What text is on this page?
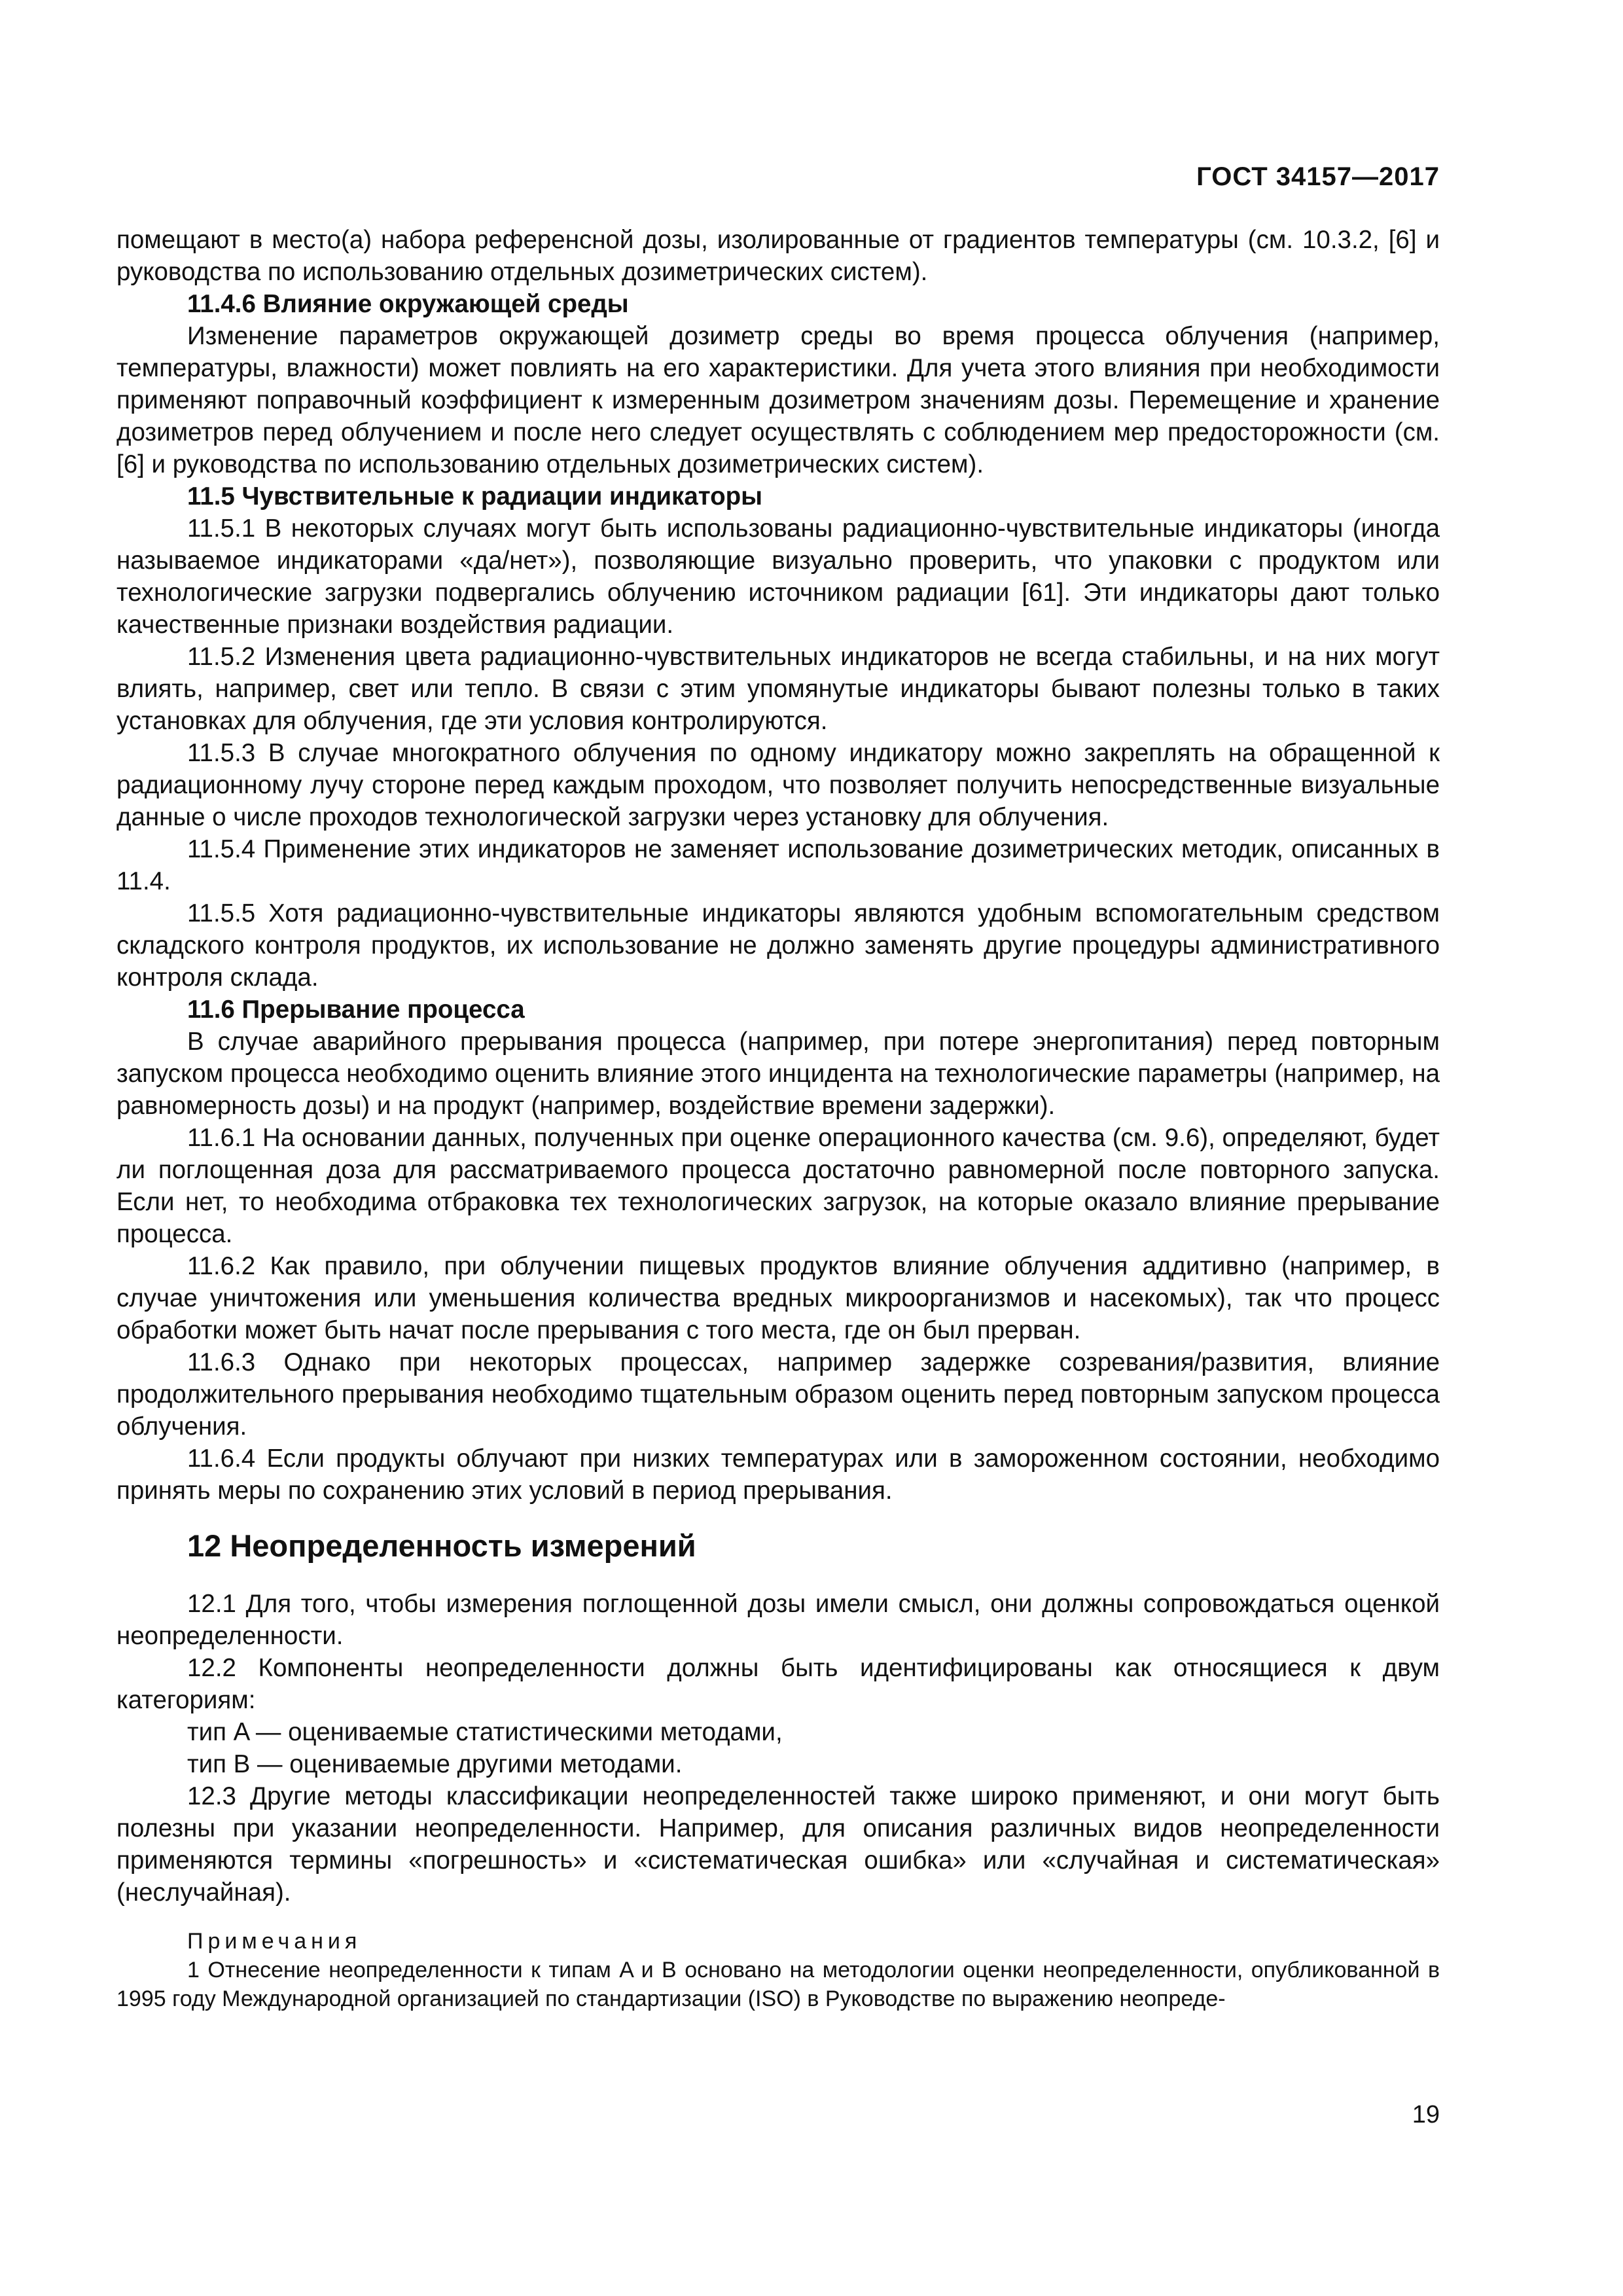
ГОСТ 34157—2017

помещают в место(а) набора референсной дозы, изолированные от градиентов температуры (см. 10.3.2, [6] и руководства по использованию отдельных дозиметрических систем).

11.4.6 Влияние окружающей среды

Изменение параметров окружающей дозиметр среды во время процесса облучения (например, температуры, влажности) может повлиять на его характеристики. Для учета этого влияния при необходимости применяют поправочный коэффициент к измеренным дозиметром значениям дозы. Перемещение и хранение дозиметров перед облучением и после него следует осуществлять с соблюдением мер предосторожности (см. [6] и руководства по использованию отдельных дозиметрических систем).

11.5 Чувствительные к радиации индикаторы

11.5.1 В некоторых случаях могут быть использованы радиационно-чувствительные индикаторы (иногда называемое индикаторами «да/нет»), позволяющие визуально проверить, что упаковки с продуктом или технологические загрузки подвергались облучению источником радиации [61]. Эти индикаторы дают только качественные признаки воздействия радиации.

11.5.2 Изменения цвета радиационно-чувствительных индикаторов не всегда стабильны, и на них могут влиять, например, свет или тепло. В связи с этим упомянутые индикаторы бывают полезны только в таких установках для облучения, где эти условия контролируются.

11.5.3 В случае многократного облучения по одному индикатору можно закреплять на обращенной к радиационному лучу стороне перед каждым проходом, что позволяет получить непосредственные визуальные данные о числе проходов технологической загрузки через установку для облучения.

11.5.4 Применение этих индикаторов не заменяет использование дозиметрических методик, описанных в 11.4.

11.5.5 Хотя радиационно-чувствительные индикаторы являются удобным вспомогательным средством складского контроля продуктов, их использование не должно заменять другие процедуры административного контроля склада.

11.6 Прерывание процесса

В случае аварийного прерывания процесса (например, при потере энергопитания) перед повторным запуском процесса необходимо оценить влияние этого инцидента на технологические параметры (например, на равномерность дозы) и на продукт (например, воздействие времени задержки).

11.6.1 На основании данных, полученных при оценке операционного качества (см. 9.6), определяют, будет ли поглощенная доза для рассматриваемого процесса достаточно равномерной после повторного запуска. Если нет, то необходима отбраковка тех технологических загрузок, на которые оказало влияние прерывание процесса.

11.6.2 Как правило, при облучении пищевых продуктов влияние облучения аддитивно (например, в случае уничтожения или уменьшения количества вредных микроорганизмов и насекомых), так что процесс обработки может быть начат после прерывания с того места, где он был прерван.

11.6.3 Однако при некоторых процессах, например задержке созревания/развития, влияние продолжительного прерывания необходимо тщательным образом оценить перед повторным запуском процесса облучения.

11.6.4 Если продукты облучают при низких температурах или в замороженном состоянии, необходимо принять меры по сохранению этих условий в период прерывания.

12 Неопределенность измерений

12.1 Для того, чтобы измерения поглощенной дозы имели смысл, они должны сопровождаться оценкой неопределенности.

12.2 Компоненты неопределенности должны быть идентифицированы как относящиеся к двум категориям:

тип A — оцениваемые статистическими методами,

тип B — оцениваемые другими методами.

12.3 Другие методы классификации неопределенностей также широко применяют, и они могут быть полезны при указании неопределенности. Например, для описания различных видов неопределенности применяются термины «погрешность» и «систематическая ошибка» или «случайная и систематическая» (неслучайная).

Примечания

1 Отнесение неопределенности к типам A и B основано на методологии оценки неопределенности, опубликованной в 1995 году Международной организацией по стандартизации (ISO) в Руководстве по выражению неопреде-

19
